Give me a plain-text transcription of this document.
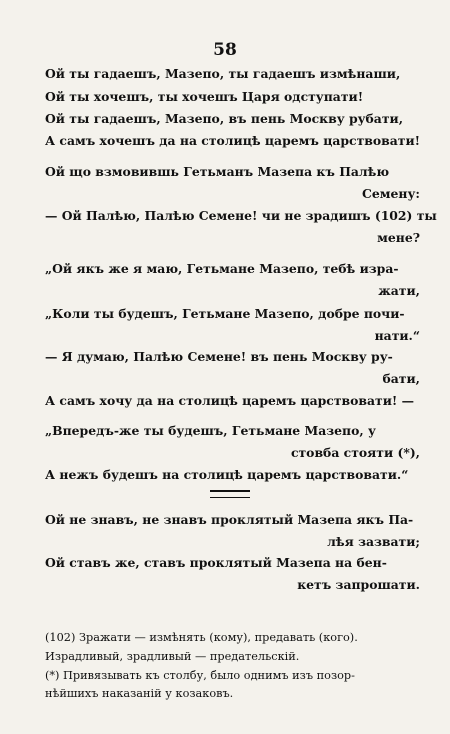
58
Ой ты гадаешъ, Мазепо, ты гадаешъ измѣнаши,
Ой ты хочешъ, ты хочешъ Царя одступати!
Ой ты гадаешъ, Мазепо, въ пень Москву рубати,
А самъ хочешъ да на столицѣ царемъ царствовати!
Ой що взмовившь Гетьманъ Мазепа къ Палѣю
Семену:
— Ой Палѣю, Палѣю Семене! чи не зрадишъ (102) ты
мене?
„Ой якъ же я маю, Гетьмане Мазепо, тебѣ изра-
жати,
„Коли ты будешъ, Гетьмане Мазепо, добре почи-
нати.“
— Я думаю, Палѣю Семене! въ пень Москву ру-
бати,
А самъ хочу да на столицѣ царемъ царствовати! —
„Впередъ-же ты будешъ, Гетьмане Мазепо, у
стовба стояти (*),
А нежъ будешъ на столицѣ царемъ царствовати.“
Ой не знавъ, не знавъ проклятый Мазепа якъ Па-
лѣя зазвати;
Ой ставъ же, ставъ проклятый Мазепа на бен-
кетъ запрошати.
(102) Зражати — измѣнять (кому), предавать (кого).
Израдливый, зрадливый — предательскій.
(*) Привязывать къ столбу, было однимъ изъ позор-
нѣйшихъ наказаній у козаковъ.
